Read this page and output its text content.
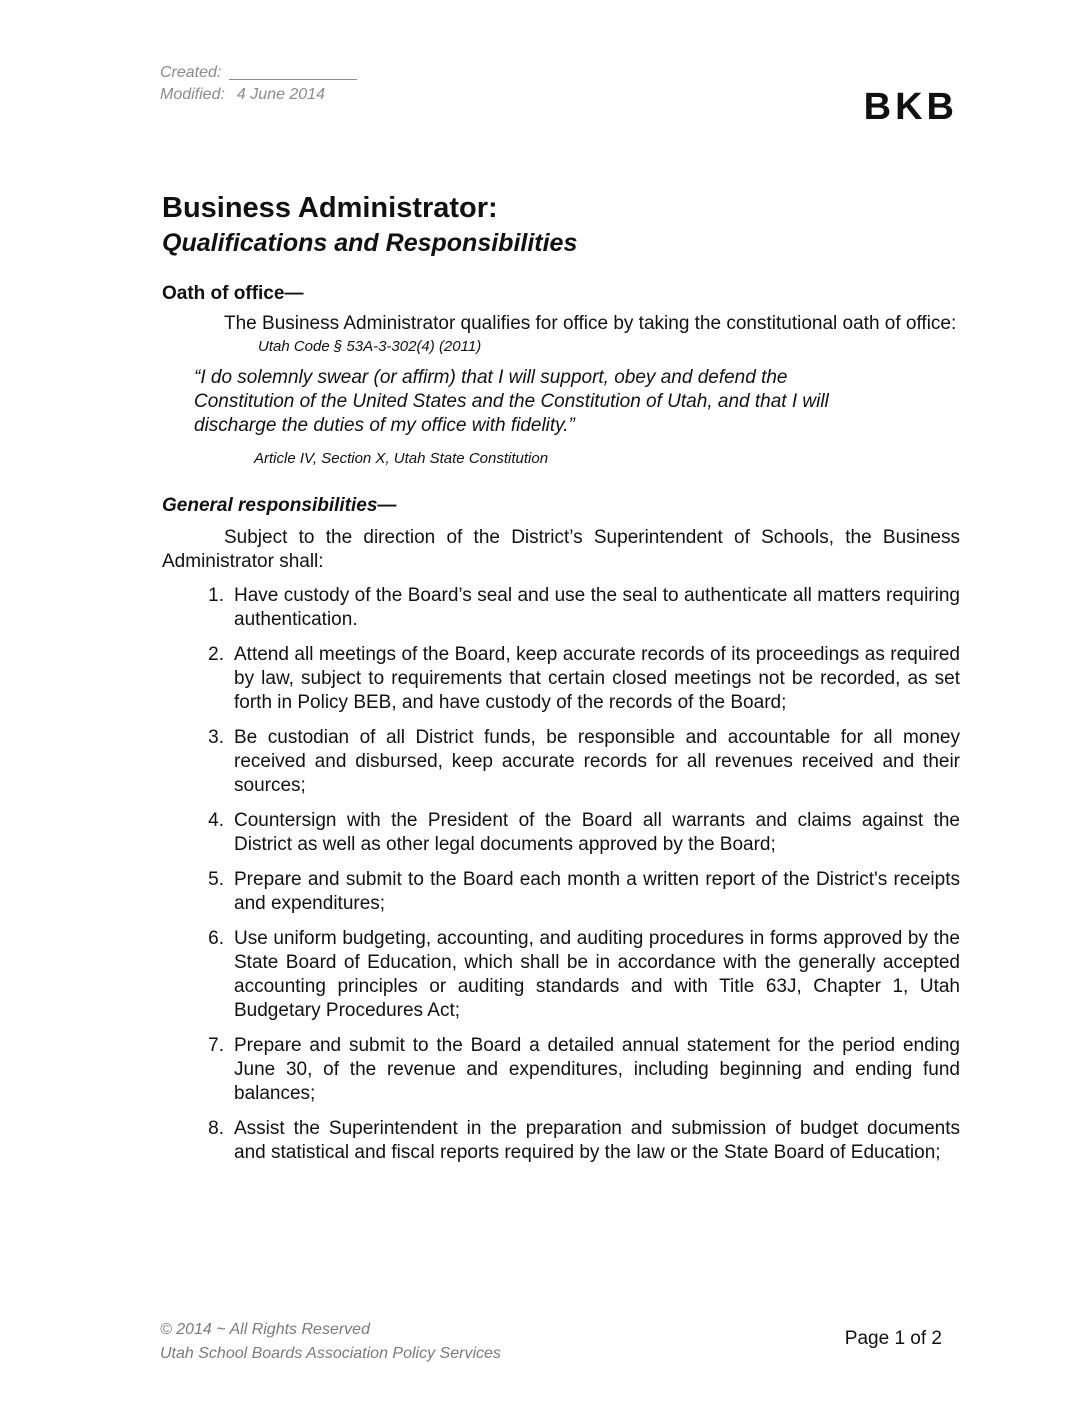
Created:
Modified: 4 June 2014	BKB
Business Administrator:
Qualifications and Responsibilities
Oath of office—

The Business Administrator qualifies for office by taking the constitutional oath of office:

Utah Code § 53A-3-302(4) (2011)
“I do solemnly swear (or affirm) that I will support, obey and defend the Constitution of the United States and the Constitution of Utah, and that I will discharge the duties of my office with fidelity.”
Article IV, Section X, Utah State Constitution
General responsibilities—

Subject to the direction of the District’s Superintendent of Schools, the Business Administrator shall:

1. Have custody of the Board’s seal and use the seal to authenticate all matters requiring authentication.
2. Attend all meetings of the Board, keep accurate records of its proceedings as required by law, subject to requirements that certain closed meetings not be recorded, as set forth in Policy BEB, and have custody of the records of the Board;
3. Be custodian of all District funds, be responsible and accountable for all money received and disbursed, keep accurate records for all revenues received and their sources;
4. Countersign with the President of the Board all warrants and claims against the District as well as other legal documents approved by the Board;
5. Prepare and submit to the Board each month a written report of the District's receipts and expenditures;
6. Use uniform budgeting, accounting, and auditing procedures in forms approved by the State Board of Education, which shall be in accordance with the generally accepted accounting principles or auditing standards and with Title 63J, Chapter 1, Utah Budgetary Procedures Act;
7. Prepare and submit to the Board a detailed annual statement for the period ending June 30, of the revenue and expenditures, including beginning and ending fund balances;
8. Assist the Superintendent in the preparation and submission of budget documents and statistical and fiscal reports required by the law or the State Board of Education;
© 2014 ~ All Rights Reserved
Utah School Boards Association Policy Services
Page 1 of 2
